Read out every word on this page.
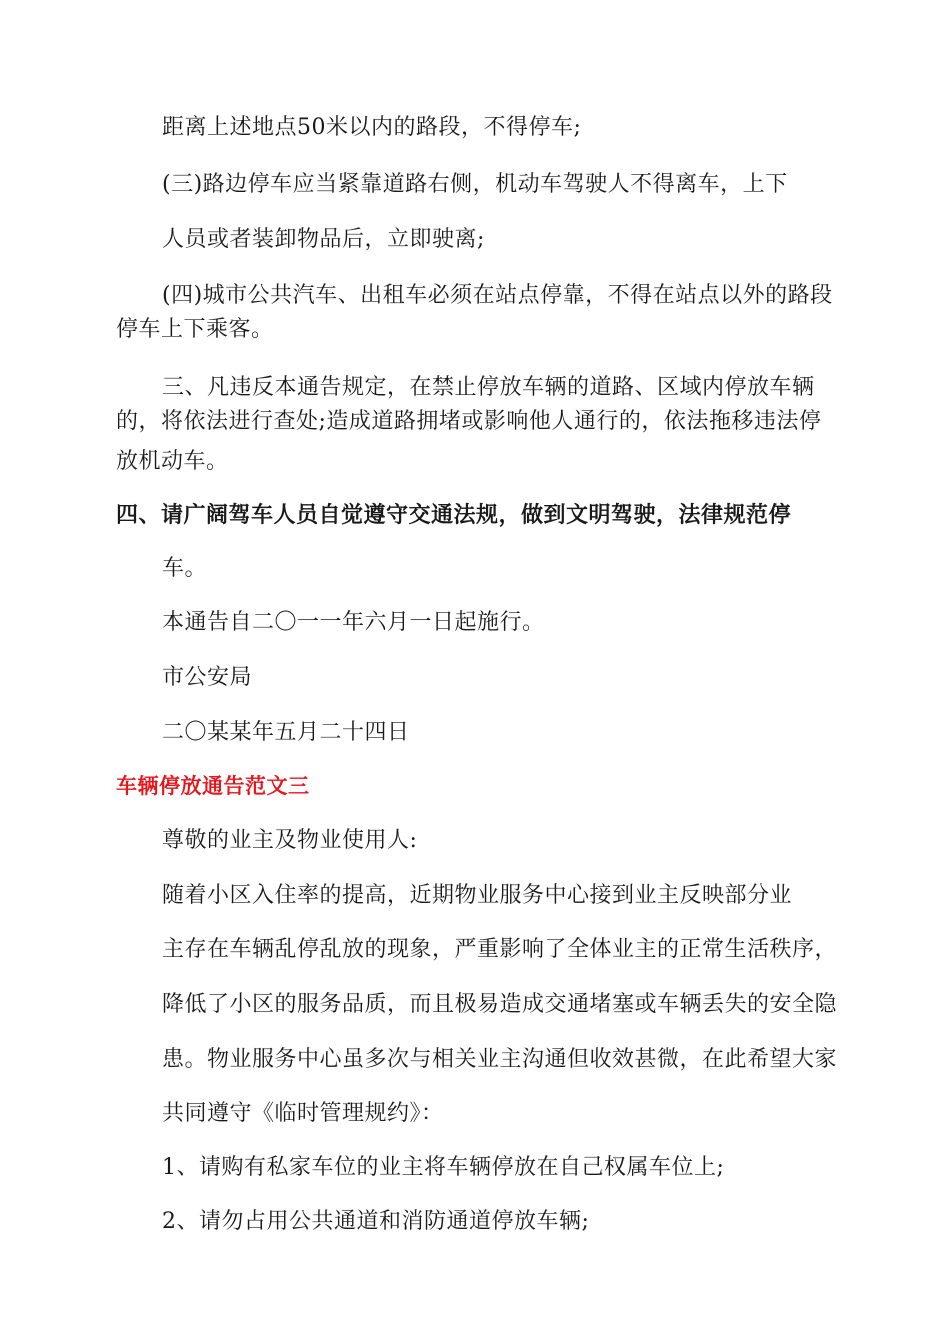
距离上述地点50米以内的路段，不得停车;
(三)路边停车应当紧靠道路右侧，机动车驾驶人不得离车，上下
人员或者装卸物品后，立即驶离;
(四)城市公共汽车、出租车必须在站点停靠，不得在站点以外的路段
停车上下乘客。
三、凡违反本通告规定，在禁止停放车辆的道路、区域内停放车辆
的，将依法进行查处;造成道路拥堵或影响他人通行的，依法拖移违法停
放机动车。
四、请广阔驾车人员自觉遵守交通法规，做到文明驾驶，法律规范停
车。
本通告自二〇一一年六月一日起施行。
市公安局
二〇某某年五月二十四日
车辆停放通告范文三
尊敬的业主及物业使用人:
随着小区入住率的提高，近期物业服务中心接到业主反映部分业
主存在车辆乱停乱放的现象，严重影响了全体业主的正常生活秩序，
降低了小区的服务品质，而且极易造成交通堵塞或车辆丢失的安全隐
患。物业服务中心虽多次与相关业主沟通但收效甚微，在此希望大家
共同遵守《临时管理规约》：
1、请购有私家车位的业主将车辆停放在自己权属车位上;
2、请勿占用公共通道和消防通道停放车辆;
